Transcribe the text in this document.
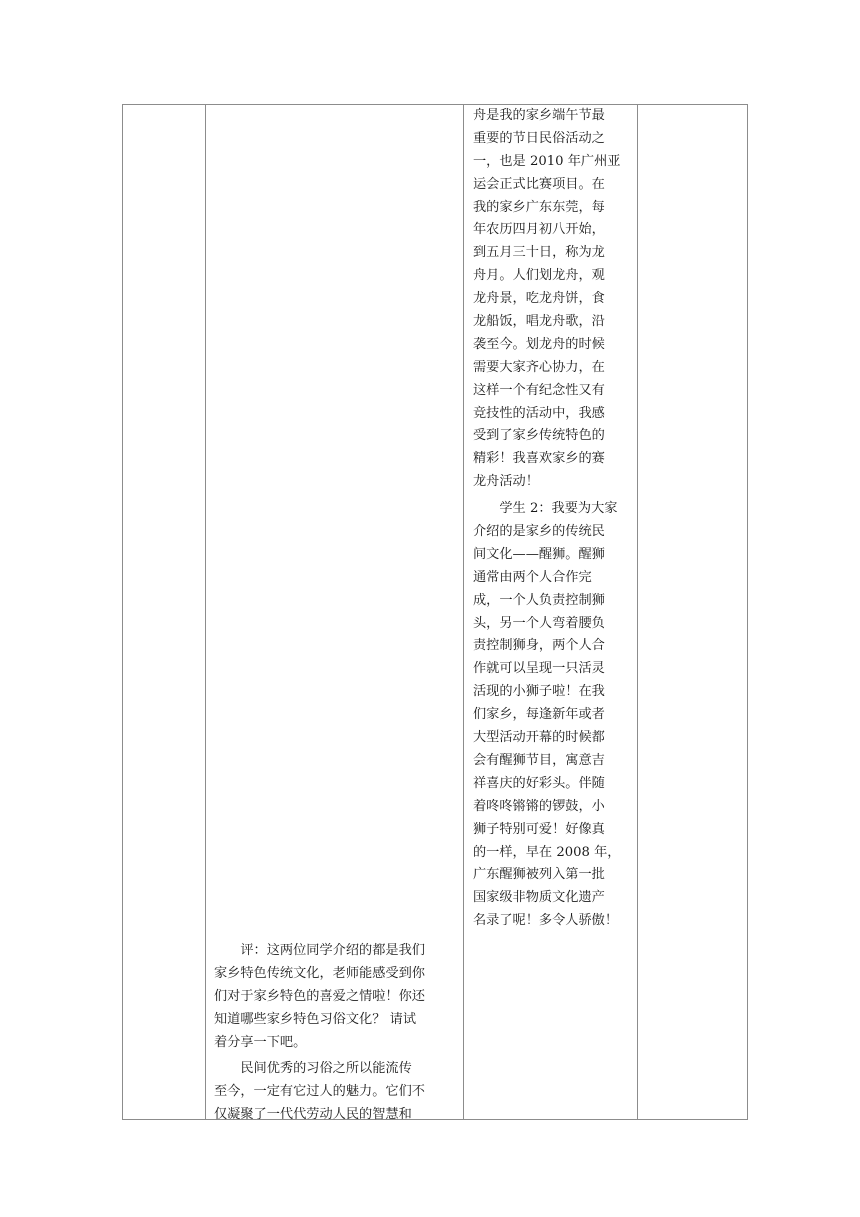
舟是我的家乡端午节最
重要的节日民俗活动之
一，也是 2010 年广州亚
运会正式比赛项目。在
我的家乡广东东莞，每
年农历四月初八开始，
到五月三十日，称为龙
舟月。人们划龙舟，观
龙舟景，吃龙舟饼，食
龙船饭，唱龙舟歌，沿
袭至今。划龙舟的时候
需要大家齐心协力，在
这样一个有纪念性又有
竞技性的活动中，我感
受到了家乡传统特色的
精彩！我喜欢家乡的赛
龙舟活动！
　　学生 2：我要为大家
介绍的是家乡的传统民
间文化——醒狮。醒狮
通常由两个人合作完
成，一个人负责控制狮
头，另一个人弯着腰负
责控制狮身，两个人合
作就可以呈现一只活灵
活现的小狮子啦！在我
们家乡，每逢新年或者
大型活动开幕的时候都
会有醒狮节目，寓意吉
祥喜庆的好彩头。伴随
着咚咚锵锵的锣鼓，小
狮子特别可爱！好像真
的一样，早在 2008 年，
广东醒狮被列入第一批
国家级非物质文化遗产
名录了呢！多令人骄傲！
　　评：这两位同学介绍的都是我们
家乡特色传统文化，老师能感受到你
们对于家乡特色的喜爱之情啦！你还
知道哪些家乡特色习俗文化？ 请试
着分享一下吧。
　　民间优秀的习俗之所以能流传
至今，一定有它过人的魅力。它们不
仅凝聚了一代代劳动人民的智慧和
